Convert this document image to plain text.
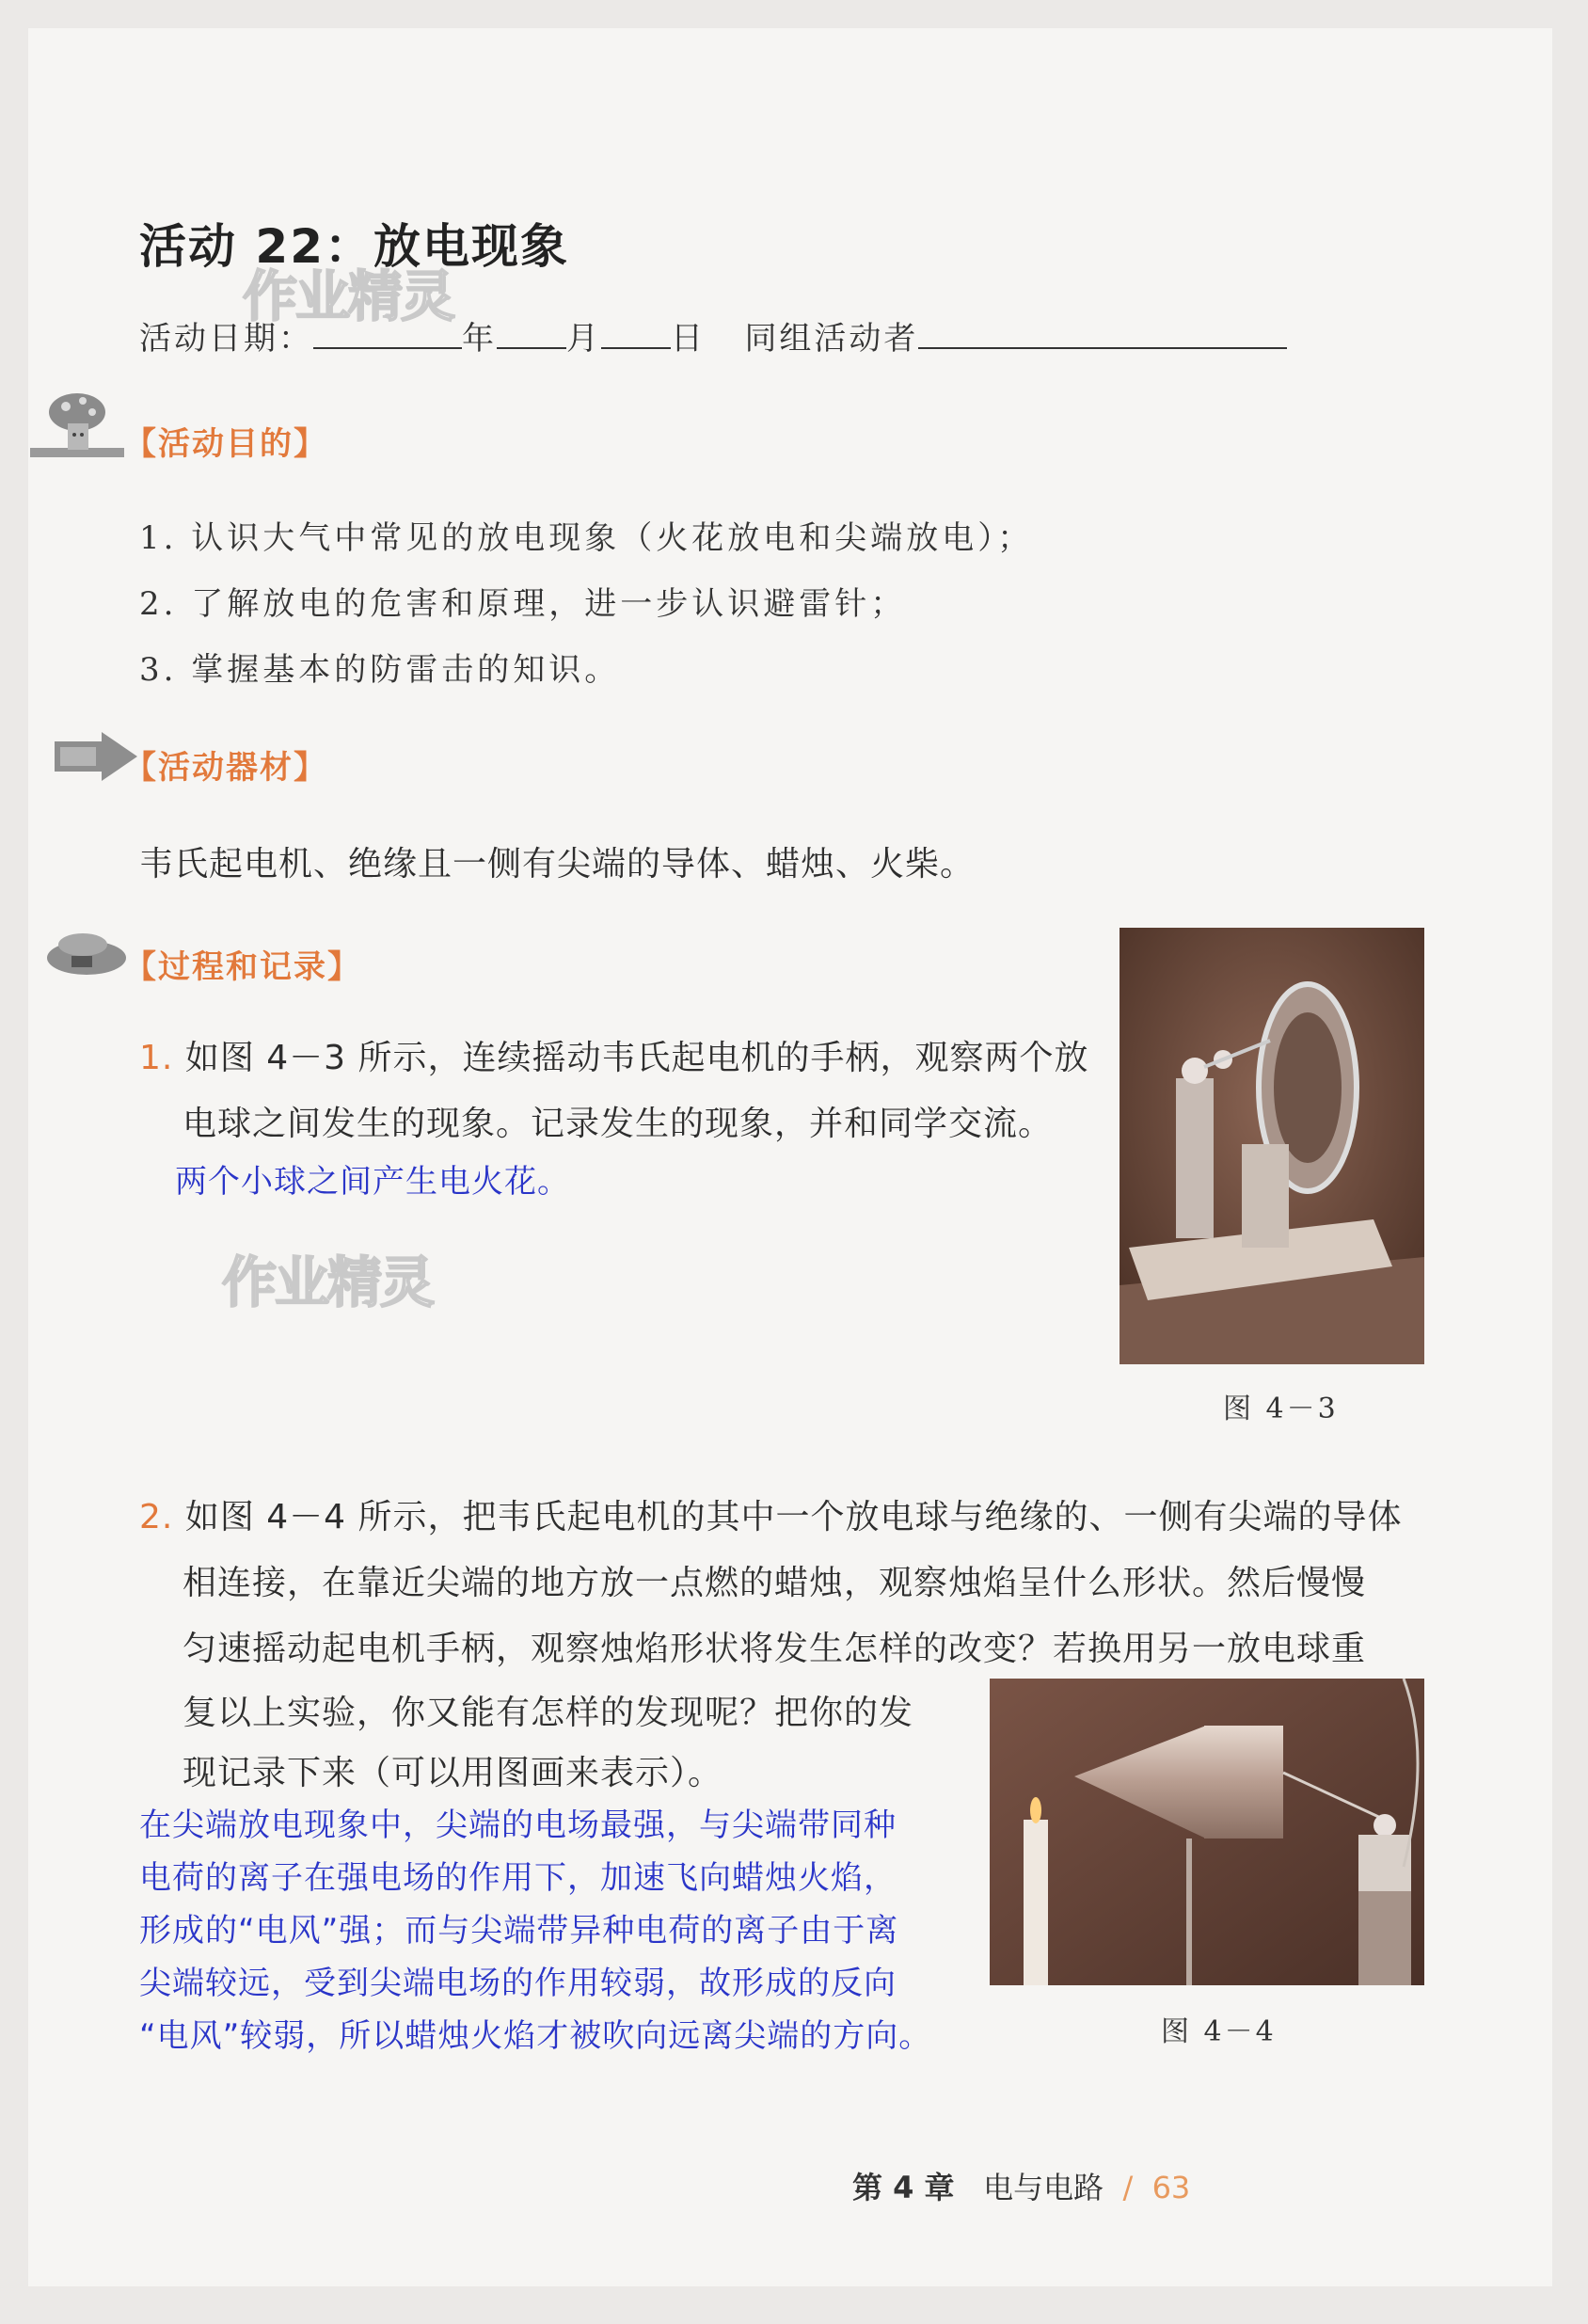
活动 22：放电现象
作业精灵
活动日期：	年 月 日 同组活动者
【活动目的】
1. 认识大气中常见的放电现象（火花放电和尖端放电）；
2. 了解放电的危害和原理，进一步认识避雷针；
3. 掌握基本的防雷击的知识。
【活动器材】
韦氏起电机、绝缘且一侧有尖端的导体、蜡烛、火柴。
【过程和记录】
1. 如图 4－3 所示，连续摇动韦氏起电机的手柄，观察两个放
电球之间发生的现象。记录发生的现象，并和同学交流。
两个小球之间产生电火花。
作业精灵
图 4－3
2. 如图 4－4 所示，把韦氏起电机的其中一个放电球与绝缘的、一侧有尖端的导体
相连接，在靠近尖端的地方放一点燃的蜡烛，观察烛焰呈什么形状。然后慢慢
匀速摇动起电机手柄，观察烛焰形状将发生怎样的改变？若换用另一放电球重
复以上实验，你又能有怎样的发现呢？把你的发
现记录下来（可以用图画来表示）。
在尖端放电现象中，尖端的电场最强，与尖端带同种
电荷的离子在强电场的作用下，加速飞向蜡烛火焰，
形成的“电风”强；而与尖端带异种电荷的离子由于离
尖端较远，受到尖端电场的作用较弱，故形成的反向
“电风”较弱，所以蜡烛火焰才被吹向远离尖端的方向。	图 4－4
第 4 章 电与电路 / 63
